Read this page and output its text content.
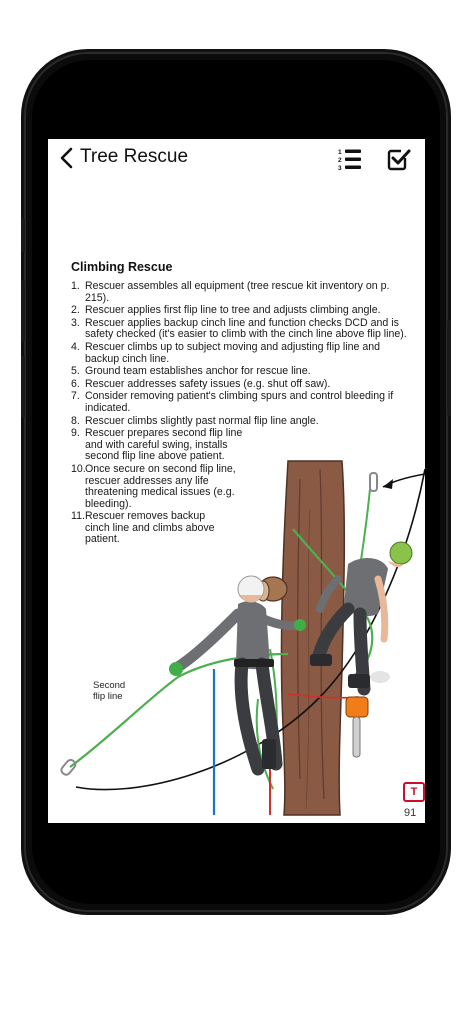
Tree Rescue	1
2
3
Climbing Rescue
1. Rescuer assembles all equipment (tree rescue kit inventory on p. 215).
2. Rescuer applies first flip line to tree and adjusts climbing angle.
3. Rescuer applies backup cinch line and function checks DCD and is safety checked (it's easier to climb with the cinch line above flip line).
4. Rescuer climbs up to subject moving and adjusting flip line and backup cinch line.
5. Ground team establishes anchor for rescue line.
6. Rescuer addresses safety issues (e.g. shut off saw).
7. Consider removing patient's climbing spurs and control bleeding if indicated.
8. Rescuer climbs slightly past normal flip line angle.
9. Rescuer prepares second flip line and with careful swing, installs second flip line above patient.
10. Once secure on second flip line, rescuer addresses any life threatening medical issues (e.g. bleeding).
11. Rescuer removes backup cinch line and climbs above patient.
Second flip line
T
91
